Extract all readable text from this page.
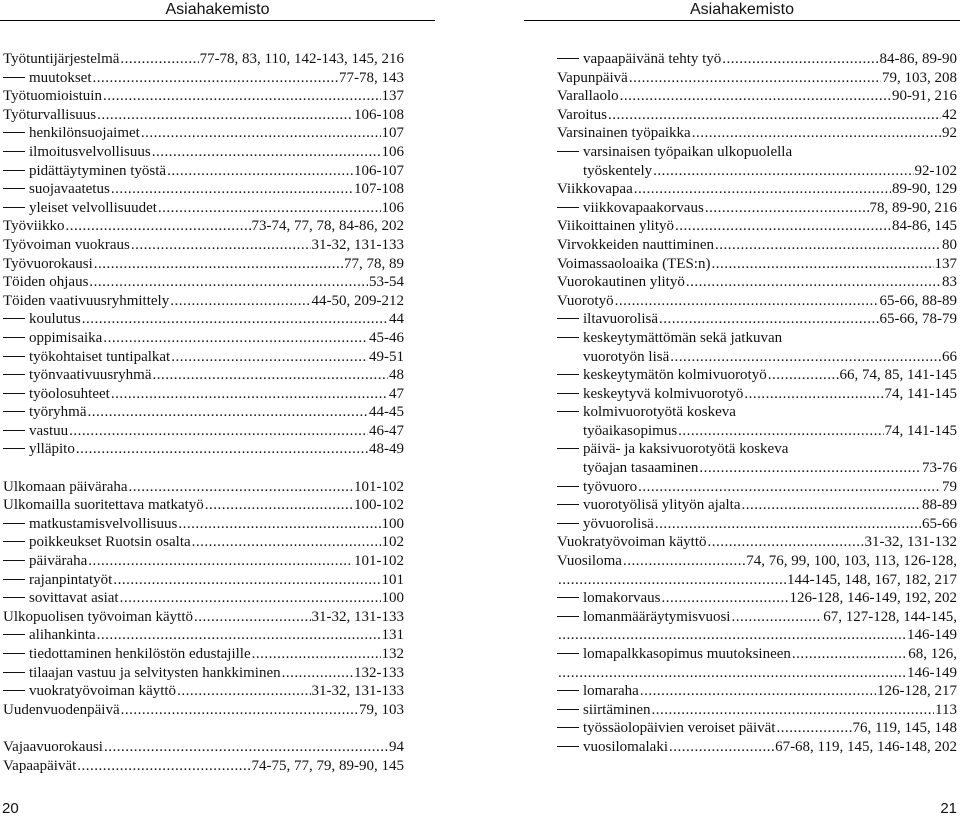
Asiahakemisto
Työtuntijärjestelmä .....	77-78, 83, 110, 142-143, 145, 216
muutokset .....	77-78, 143
Työtuomioistuin .....	137
Työturvallisuus .....	106-108
henkilönsuojaimet .....	107
ilmoitusvelvollisuus .....	106
pidättäytyminen työstä .....	106-107
suojavaatetus .....	107-108
yleiset velvollisuudet .....	106
Työviikko .....	73-74, 77, 78, 84-86, 202
Työvoiman vuokraus .....	31-32, 131-133
Työvuorokausi .....	77, 78, 89
Töiden ohjaus .....	53-54
Töiden vaativuusryhmittely .....	44-50, 209-212
koulutus .....	44
oppimisaika .....	45-46
työkohtaiset tuntipalkat .....	49-51
työnvaativuusryhmä .....	48
työolosuhteet .....	47
työryhmä .....	44-45
vastuu .....	46-47
ylläpito .....	48-49
Ulkomaan päiväraha .....	101-102
Ulkomailla suoritettava matkatyö .....	100-102
matkustamisvelvollisuus .....	100
poikkeukset Ruotsin osalta .....	102
päiväraha .....	101-102
rajanpintatyöt .....	101
sovittavat asiat .....	100
Ulkopuolisen työvoiman käyttö .....	31-32, 131-133
alihankinta .....	131
tiedottaminen henkilöstön edustajille .....	132
tilaajan vastuu ja selvitysten hankkiminen .....	132-133
vuokratyövoiman käyttö .....	31-32, 131-133
Uudenvuodenpäivä .....	79, 103
Vajaavuorokausi .....	94
Vapaapäivät .....	74-75, 77, 79, 89-90, 145
20
Asiahakemisto
vapaapäivänä tehty työ .....	84-86, 89-90
Vapunpäivä .....	79, 103, 208
Varallaolo .....	90-91, 216
Varoitus .....	42
Varsinainen työpaikka .....	92
varsinaisen työpaikan ulkopuolella
työskentely .....	92-102
Viikkovapaa .....	89-90, 129
viikkovapaakorvaus .....	78, 89-90, 216
Viikoittainen ylityö .....	84-86, 145
Virvokkeiden nauttiminen .....	80
Voimassaoloaika (TES:n) .....	137
Vuorokautinen ylityö .....	83
Vuorotyö .....	65-66, 88-89
iltavuorolisä .....	65-66, 78-79
keskeytymättömän sekä jatkuvan
vuorotyön lisä .....	66
keskeytymätön kolmivuorotyö .....	66, 74, 85, 141-145
keskeytyvä kolmivuorotyö .....	74, 141-145
kolmivuorotyötä koskeva
työaikasopimus .....	74, 141-145
päivä- ja kaksivuorotyötä koskeva
työajan tasaaminen .....	73-76
työvuoro .....	79
vuorotyölisä ylityön ajalta .....	88-89
yövuorolisä .....	65-66
Vuokratyövoiman käyttö .....	31-32, 131-132
Vuosiloma .....	74, 76, 99, 100, 103, 113, 126-128,
.....
144-145, 148, 167, 182, 217
lomakorvaus .....	126-128, 146-149, 192, 202
lomanmääräytymisvuosi .....	67, 127-128, 144-145,
.....
146-149
lomapalkkasopimus muutoksineen .....	68, 126,
.....
146-149
lomaraha .....	126-128, 217
siirtäminen .....	113
työssäolopäivien veroiset päivät .....	76, 119, 145, 148
vuosilomalaki .....	67-68, 119, 145, 146-148, 202
21
